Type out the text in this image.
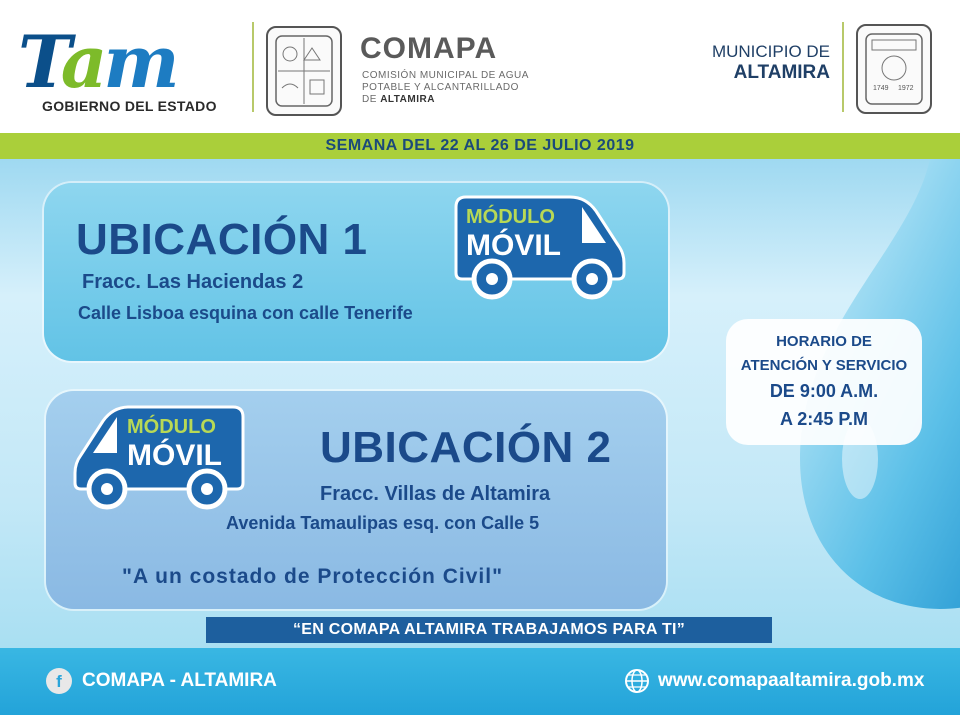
Tam
GOBIERNO DEL ESTADO
COMAPA
COMISIÓN MUNICIPAL DE AGUA
POTABLE Y ALCANTARILLADO
DE ALTAMIRA
MUNICIPIO DE
ALTAMIRA
1749 1972
SEMANA DEL 22 AL 26 DE JULIO 2019
UBICACIÓN 1
Fracc. Las Haciendas 2
Calle Lisboa esquina con calle Tenerife
MÓDULO
MÓVIL
UBICACIÓN 2
Fracc. Villas de Altamira
Avenida Tamaulipas esq. con Calle 5
"A un costado de Protección Civil"
MÓDULO
MÓVIL
HORARIO DE
ATENCIÓN Y SERVICIO
DE 9:00 A.M.
A 2:45 P.M
“EN COMAPA ALTAMIRA TRABAJAMOS PARA TI”
f	COMAPA - ALTAMIRA	www.comapaaltamira.gob.mx
